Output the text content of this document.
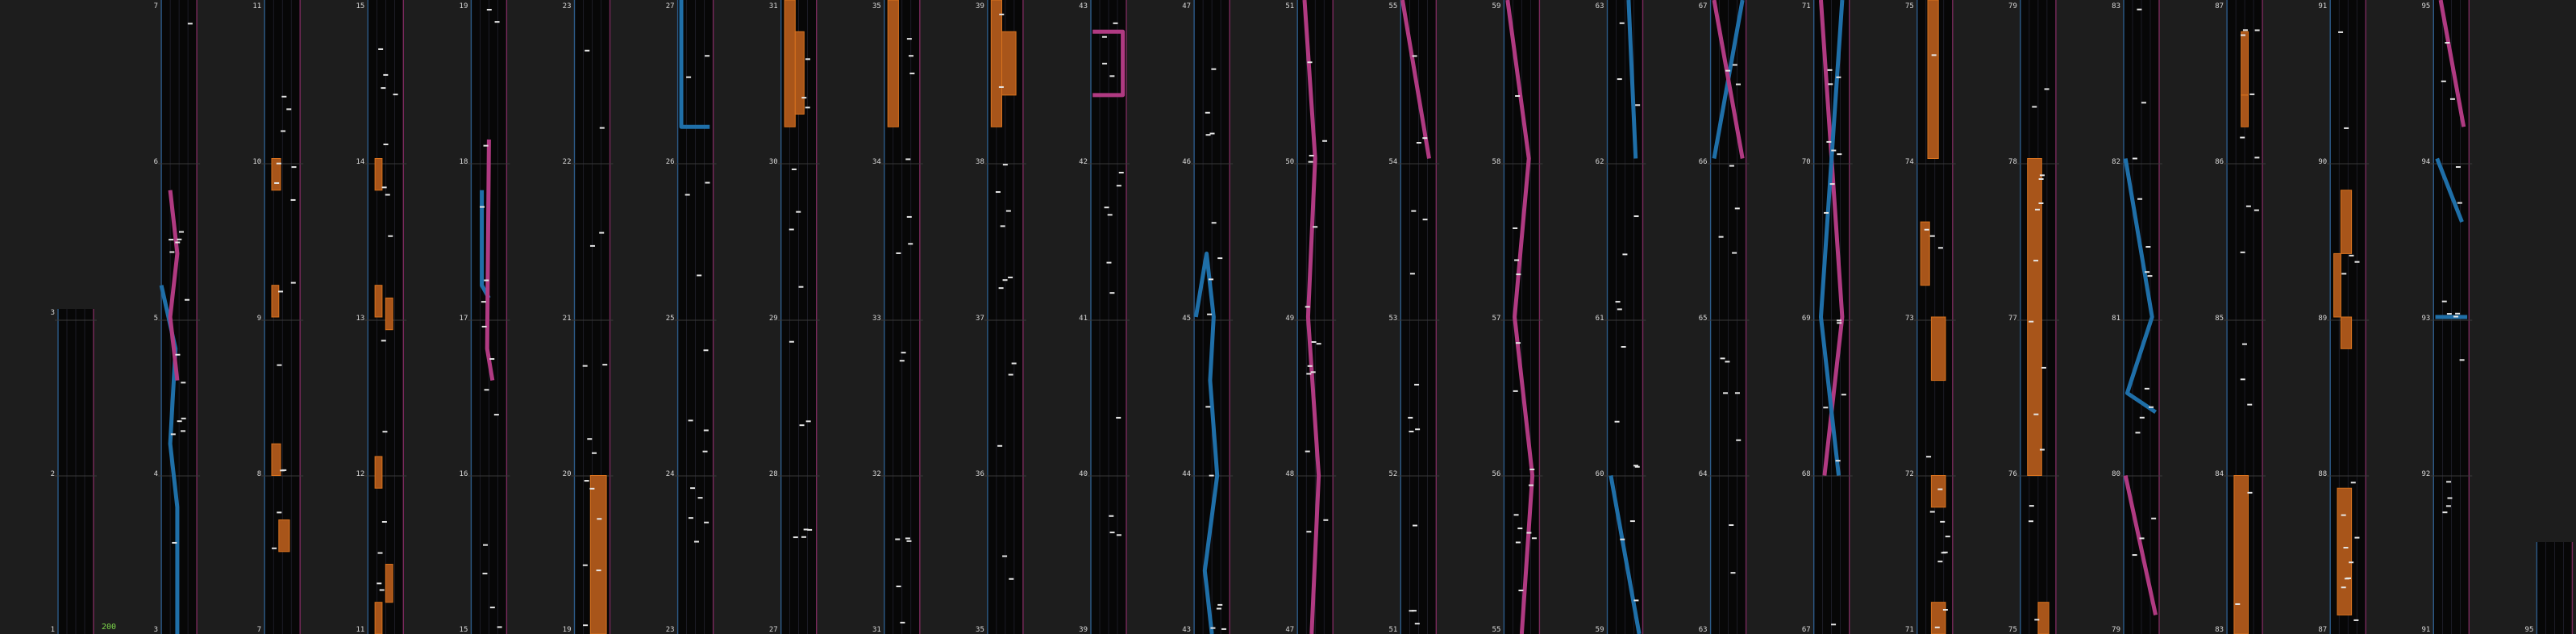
1
2
3
3
4
5
6
7
7
8
9
10
11
11
12
13
14
15
15
16
17
18
19
19
20
21
22
23
23
24
25
26
27
27
28
29
30
31
31
32
33
34
35
35
36
37
38
39
39
40
41
42
43
43
44
45
46
47
47
48
49
50
51
51
52
53
54
55
55
56
57
58
59
59
60
61
62
63
63
64
65
66
67
67
68
69
70
71
71
72
73
74
75
75
76
77
78
79
79
80
81
82
83
83
84
85
86
87
87
88
89
90
91
91
92
93
94
95
95
200
